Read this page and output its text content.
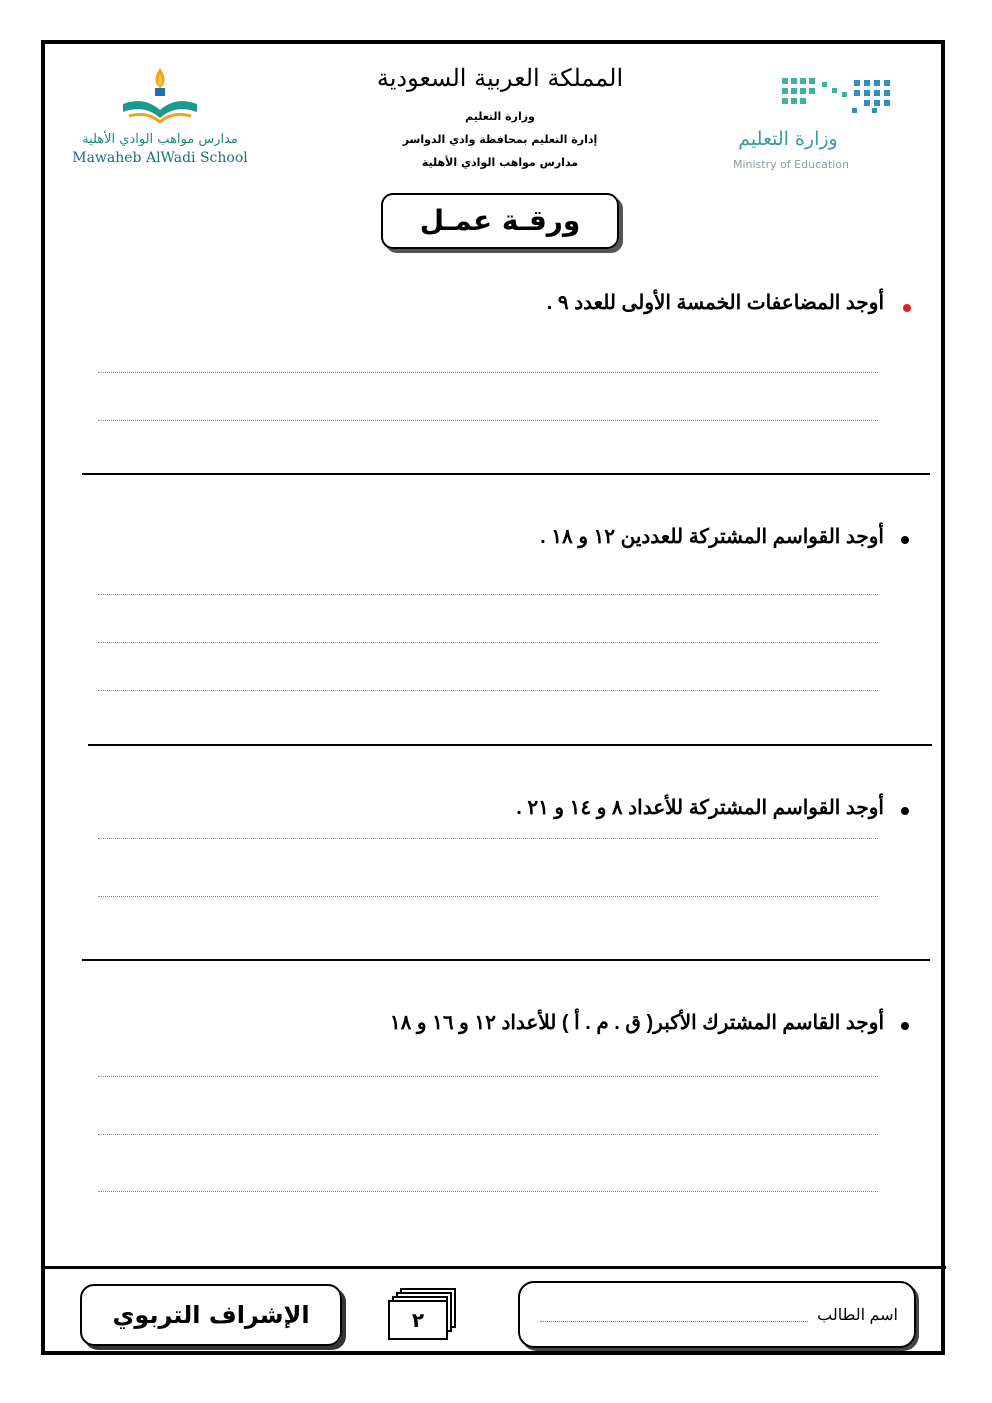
وزارة التعليم
Ministry of Education
المملكة العربية السعودية
وزارة التعليم
إدارة التعليم بمحافظة وادي الدواسر
مدارس مواهب الوادي الأهلية
مدارس مواهب الوادي الأهلية
Mawaheb AlWadi School
ورقـة عمـل
أوجد المضاعفات الخمسة الأولى للعدد ٩ .
أوجد القواسم المشتركة للعددين ١٢ و ١٨ .
أوجد القواسم المشتركة للأعداد ٨ و ١٤ و ٢١ .
أوجد القاسم المشترك الأكبر( ق . م . أ ) للأعداد ١٢ و ١٦ و ١٨
اسم الطالب
٢
الإشراف التربوي
